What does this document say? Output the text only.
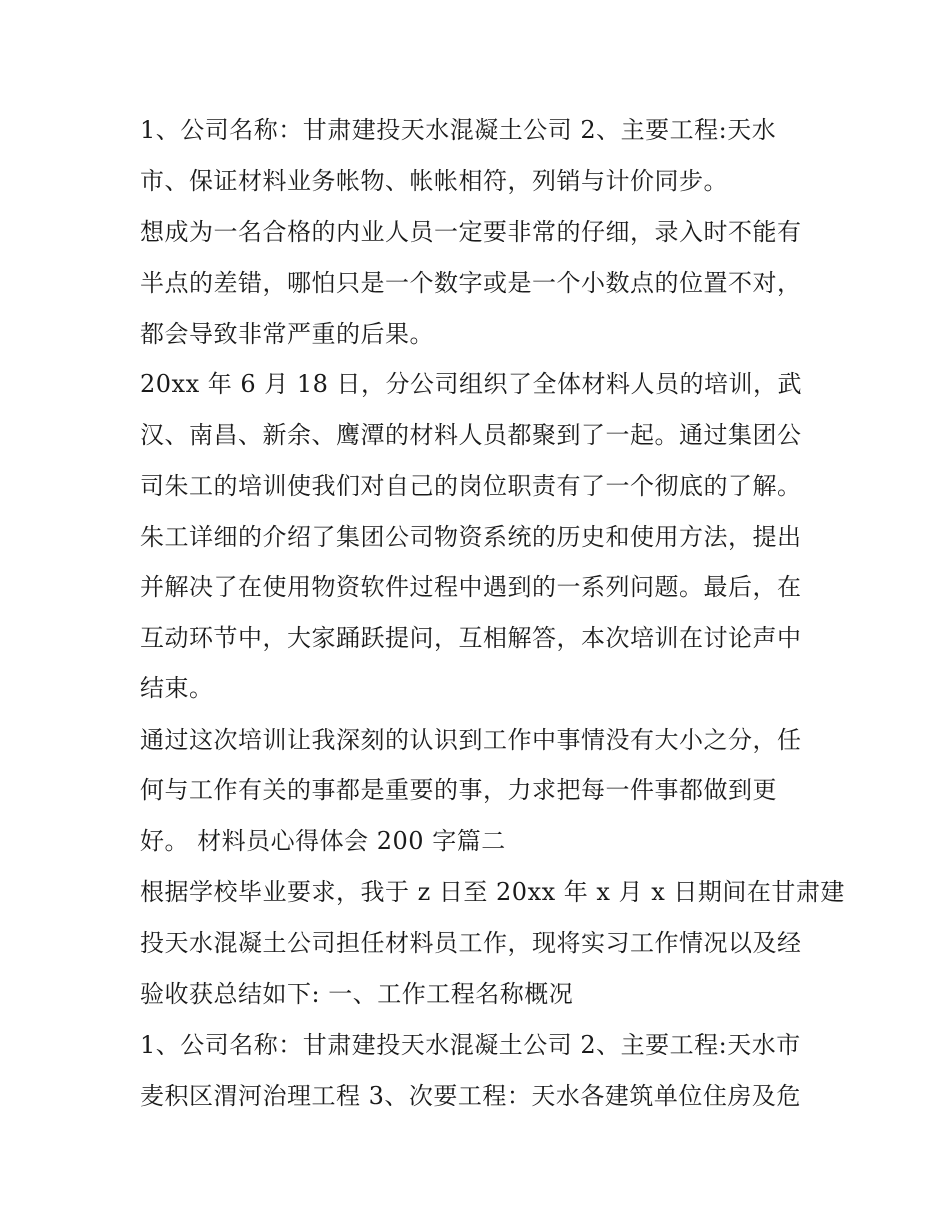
1、公司名称：甘肃建投天水混凝土公司 2、主要工程:天水
市、保证材料业务帐物、帐帐相符，列销与计价同步。
想成为一名合格的内业人员一定要非常的仔细，录入时不能有
半点的差错，哪怕只是一个数字或是一个小数点的位置不对，
都会导致非常严重的后果。
20xx 年 6 月 18 日，分公司组织了全体材料人员的培训，武
汉、南昌、新余、鹰潭的材料人员都聚到了一起。通过集团公
司朱工的培训使我们对自己的岗位职责有了一个彻底的了解。
朱工详细的介绍了集团公司物资系统的历史和使用方法，提出
并解决了在使用物资软件过程中遇到的一系列问题。最后，在
互动环节中，大家踊跃提问，互相解答，本次培训在讨论声中
结束。
通过这次培训让我深刻的认识到工作中事情没有大小之分，任
何与工作有关的事都是重要的事，力求把每一件事都做到更
好。 材料员心得体会 200 字篇二
根据学校毕业要求，我于 z 日至 20xx 年 x 月 x 日期间在甘肃建
投天水混凝土公司担任材料员工作，现将实习工作情况以及经
验收获总结如下: 一、工作工程名称概况
1、公司名称：甘肃建投天水混凝土公司 2、主要工程:天水市
麦积区渭河治理工程 3、次要工程：天水各建筑单位住房及危
